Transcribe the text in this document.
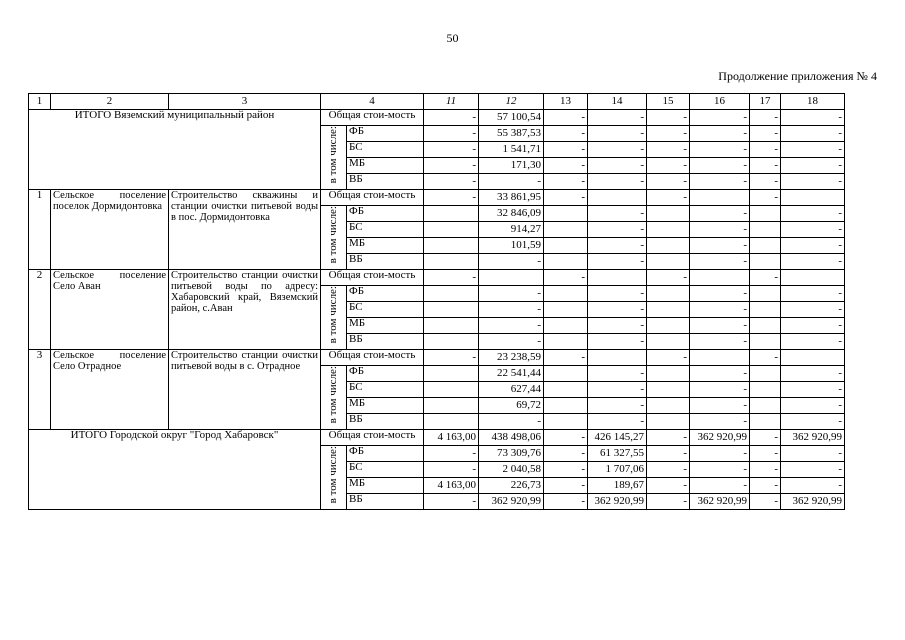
50
Продолжение приложения № 4
1	2	3	4		11	12	13	14	15	16	17	18
ИТОГО Вяземский муниципальный район			Общая стои-мость		-	57 100,54	-	-	-	-	-	-

			в том числе:	ФБ	-	55 387,53	-	-	-	-	-	-
				БС	-	1 541,71	-	-	-	-	-	-
				МБ	-	171,30	-	-	-	-	-	-
				ВБ	-	-	-	-	-	-	-	-
1	Сельское поселение поселок Дормидонтовка	Строительство скважины и станции очистки питьевой воды в пос. Дормидонтовка	Общая стои-мость		-	33 861,95	-		-		-	

			в том числе:	ФБ		32 846,09		-		-		-
				БС		914,27		-		-		-
				МБ		101,59		-		-		-
				ВБ		-		-		-		-
2	Сельское поселение Село Аван	Строительство станции очистки питьевой воды по адресу: Хабаровский край, Вяземский район, с.Аван	Общая стои-мость		-		-		-		-	

			в том числе:	ФБ		-		-		-		-
				БС		-		-		-		-
				МБ		-		-		-		-
				ВБ		-		-		-		-
3	Сельское поселение Село Отрадное	Строительство станции очистки питьевой воды в с. Отрадное	Общая стои-мость		-	23 238,59	-		-		-	

			в том числе:	ФБ		22 541,44		-		-		-
				БС		627,44		-		-		-
				МБ		69,72		-		-		-
				ВБ		-		-		-		-
ИТОГО Городской округ "Город Хабаровск"			Общая стои-мость		4 163,00	438 498,06	-	426 145,27	-	362 920,99	-	362 920,99

			в том числе:	ФБ	-	73 309,76	-	61 327,55	-	-	-	-
				БС	-	2 040,58	-	1 707,06	-	-	-	-
				МБ	4 163,00	226,73	-	189,67	-	-	-	-
				ВБ	-	362 920,99	-	362 920,99	-	362 920,99	-	362 920,99
